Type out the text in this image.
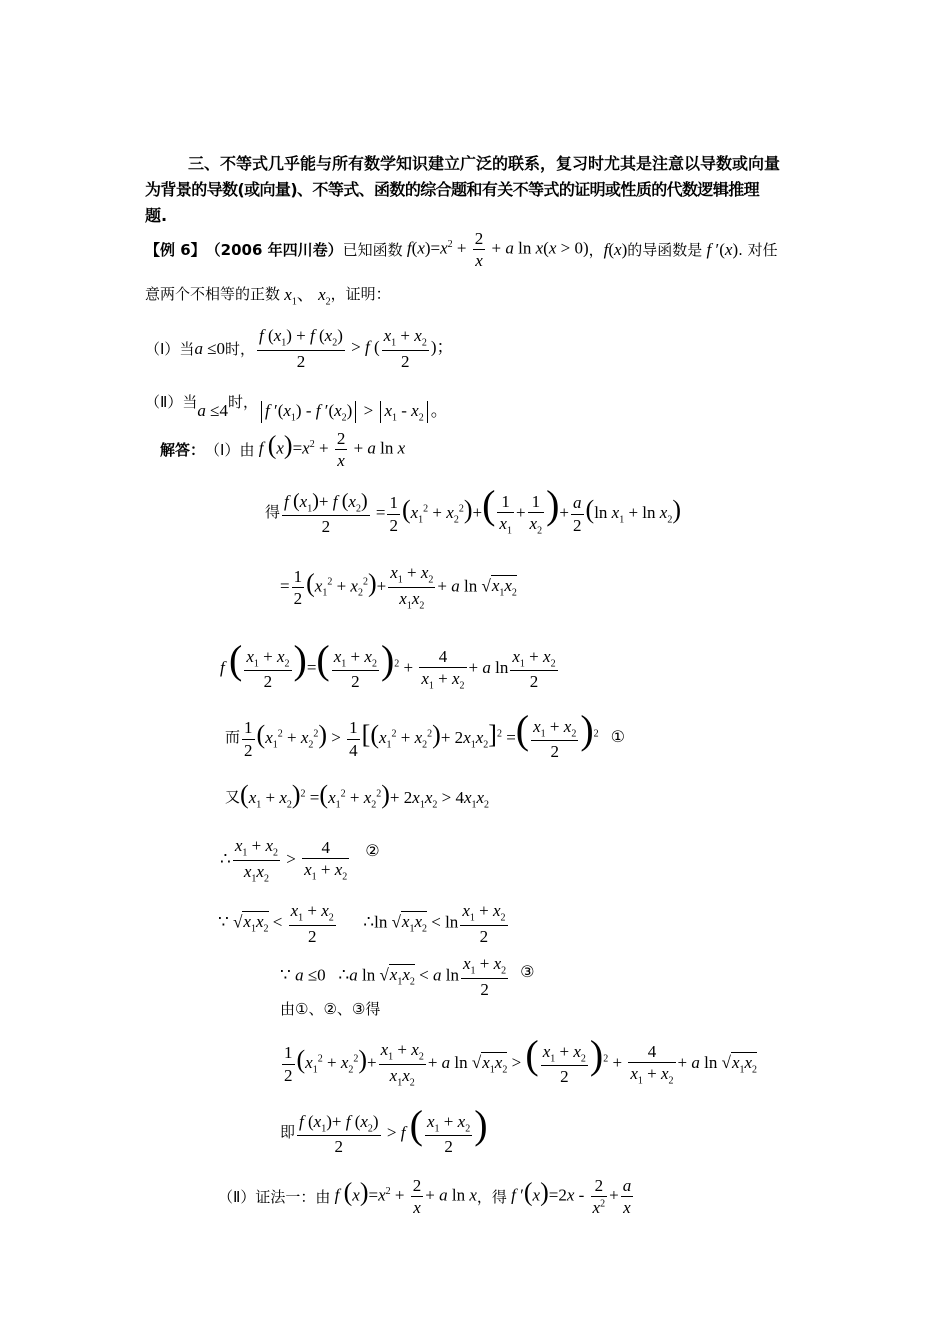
三、不等式几乎能与所有数学知识建立广泛的联系，复习时尤其是注意以导数或向量
为背景的导数(或向量)、不等式、函数的综合题和有关不等式的证明或性质的代数逻辑推理
题.
【例 6】 （2006 年四川卷） 已知函数 $f(x)=x^2 + \frac{2}{x} + a$ ln x(x > 0) ， f(x) 的导函数是 f ′(x) . 对任
意两个不相等的正数 $x_1$、 $x_2$ ，证明：
（Ⅰ）当 a ≤0 时， $\frac{f (x_1) + f (x_2)}{2} > f$ ( $\frac{x_1 + x_2}{2}$ )；
（Ⅱ）当 a ≤4 时， f $'(x_1)$ - f $'(x_2) > x_1 - x_2$ 。
解答： （Ⅰ）由 f $(x)=x^2 + \frac{2}{x} + a$ ln x
得 $\frac{f (x_1)+ f (x_2)}{2} = \frac{1}{2} (x_1^2 + x_2^2)+( \frac{1}{x_1} + \frac{1}{x_2}$ )+ $\frac{a}{2} (\ln$ $x_1 + \ln x_2$)
= $\frac{1}{2} (x_1^2 + x_2^2)+ \frac{x_1 + x_2}{x_1x_2} + a$ $\ln √x_1x_2$
f ( $\frac{x_1 + x_2}{2}$ )=( $\frac{x_1 + x_2}{2} )^2 + \frac{4}{x_1 + x_2} + a$ $\ln \frac{x_1 + x_2}{2}$
而 $\frac{1}{2} (x_1^2 + x_2^2) > \frac{1}{4} [(x_1^2 + x_2^2)+ 2x_1x_2]^2$ =( $\frac{x_1 + x_2}{2} )^2$ ①
又 $(x_1 + x_2)^2 =(x_1^2 + x_2^2)+ 2x_1x_2 > 4x_1x_2$
∴ $\frac{x_1 + x_2}{x_1x_2} > \frac{4}{x_1 + x_2}$ ②
∵ $√x_1x_2 < \frac{x_1 + x_2}{2}$ ∴ln $√x_1x_2 < \ln \frac{x_1 + x_2}{2}$
∵ a ≤0   ∴a $\ln √x_1x_2 < a$ $\ln \frac{x_1 + x_2}{2}$ ③
由①、②、③得
$\frac{1}{2} (x_1^2 + x_2^2)+ \frac{x_1 + x_2}{x_1x_2} + a$ $\ln √x_1x_2$ > ( $\frac{x_1 + x_2}{2} )^2 + \frac{4}{x_1 + x_2} + a$ $\ln √x_1x_2$
即 $\frac{f (x_1)+ f (x_2)}{2} > f$ ( $\frac{x_1 + x_2}{2}$ )
（Ⅱ）证法一：由 f $(x)=x^2 + \frac{2}{x} + a$ ln x ，得 f $'(x)=2x - \frac{2}{x^2} + \frac{a}{x}$
